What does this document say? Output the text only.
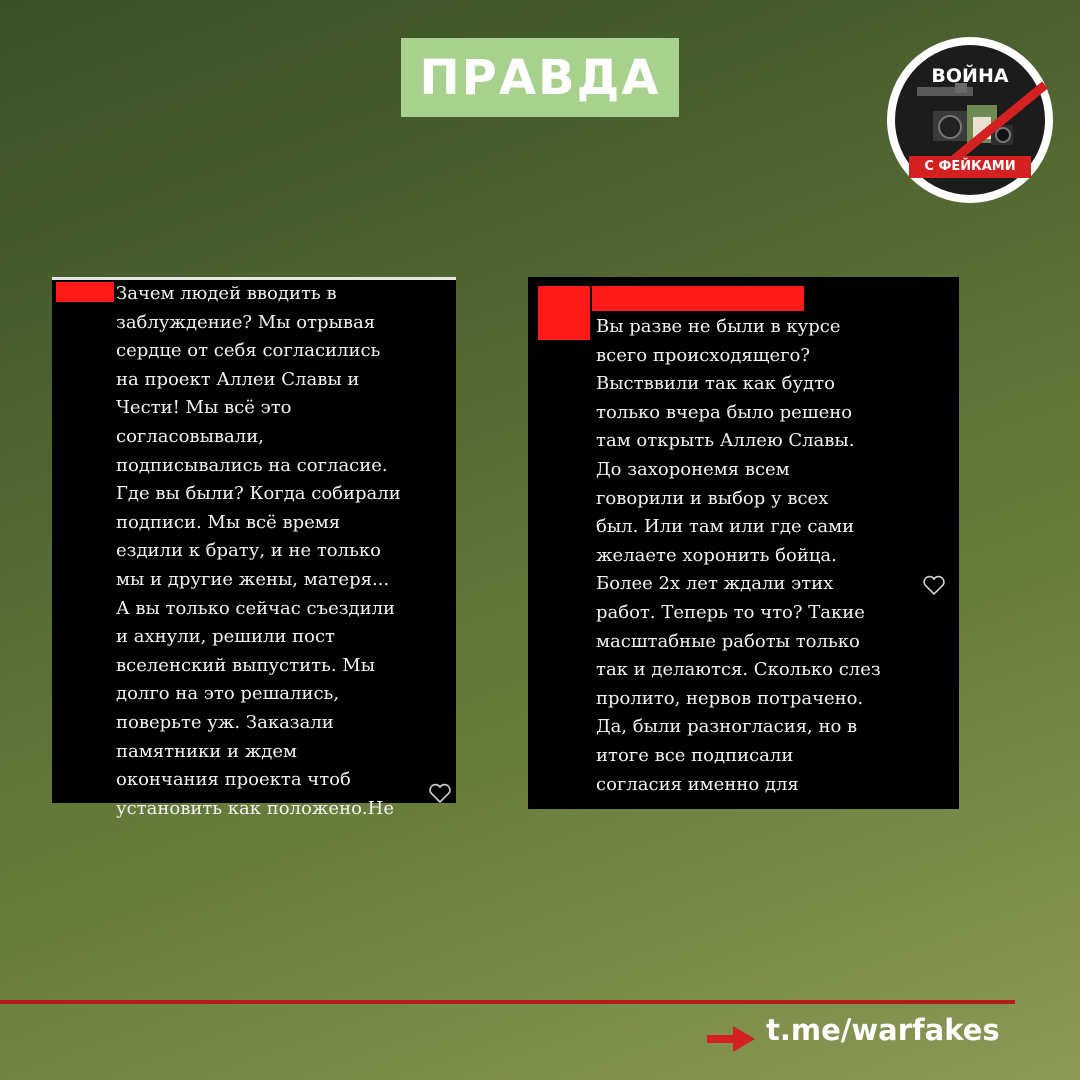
ПРАВДА	ВОЙНА
С ФЕЙКАМИ

Зачем людей вводить в
заблуждение? Мы отрывая
сердце от себя согласились
на проект Аллеи Славы и
Чести! Мы всё это
согласовывали,
подписывались на согласие.
Где вы были? Когда собирали
подписи. Мы всё время
ездили к брату, и не только
мы и другие жены, матеря...
А вы только сейчас съездили
и ахнули, решили пост
вселенский выпустить. Мы
долго на это решались,
поверьте уж. Заказали
памятники и ждем
окончания проекта чтоб
установить как положено.Не

Вы разве не были в курсе
всего происходящего?
Выстввили так как будто
только вчера было решено
там открыть Аллею Славы.
До захоронемя всем
говорили и выбор у всех
был. Или там или где сами
желаете хоронить бойца.
Более 2х лет ждали этих
работ. Теперь то что? Такие
масштабные работы только
так и делаются. Сколько слез
пролито, нервов потрачено.
Да, были разногласия, но в
итоге все подписали
согласия именно для

t.me/warfakes
